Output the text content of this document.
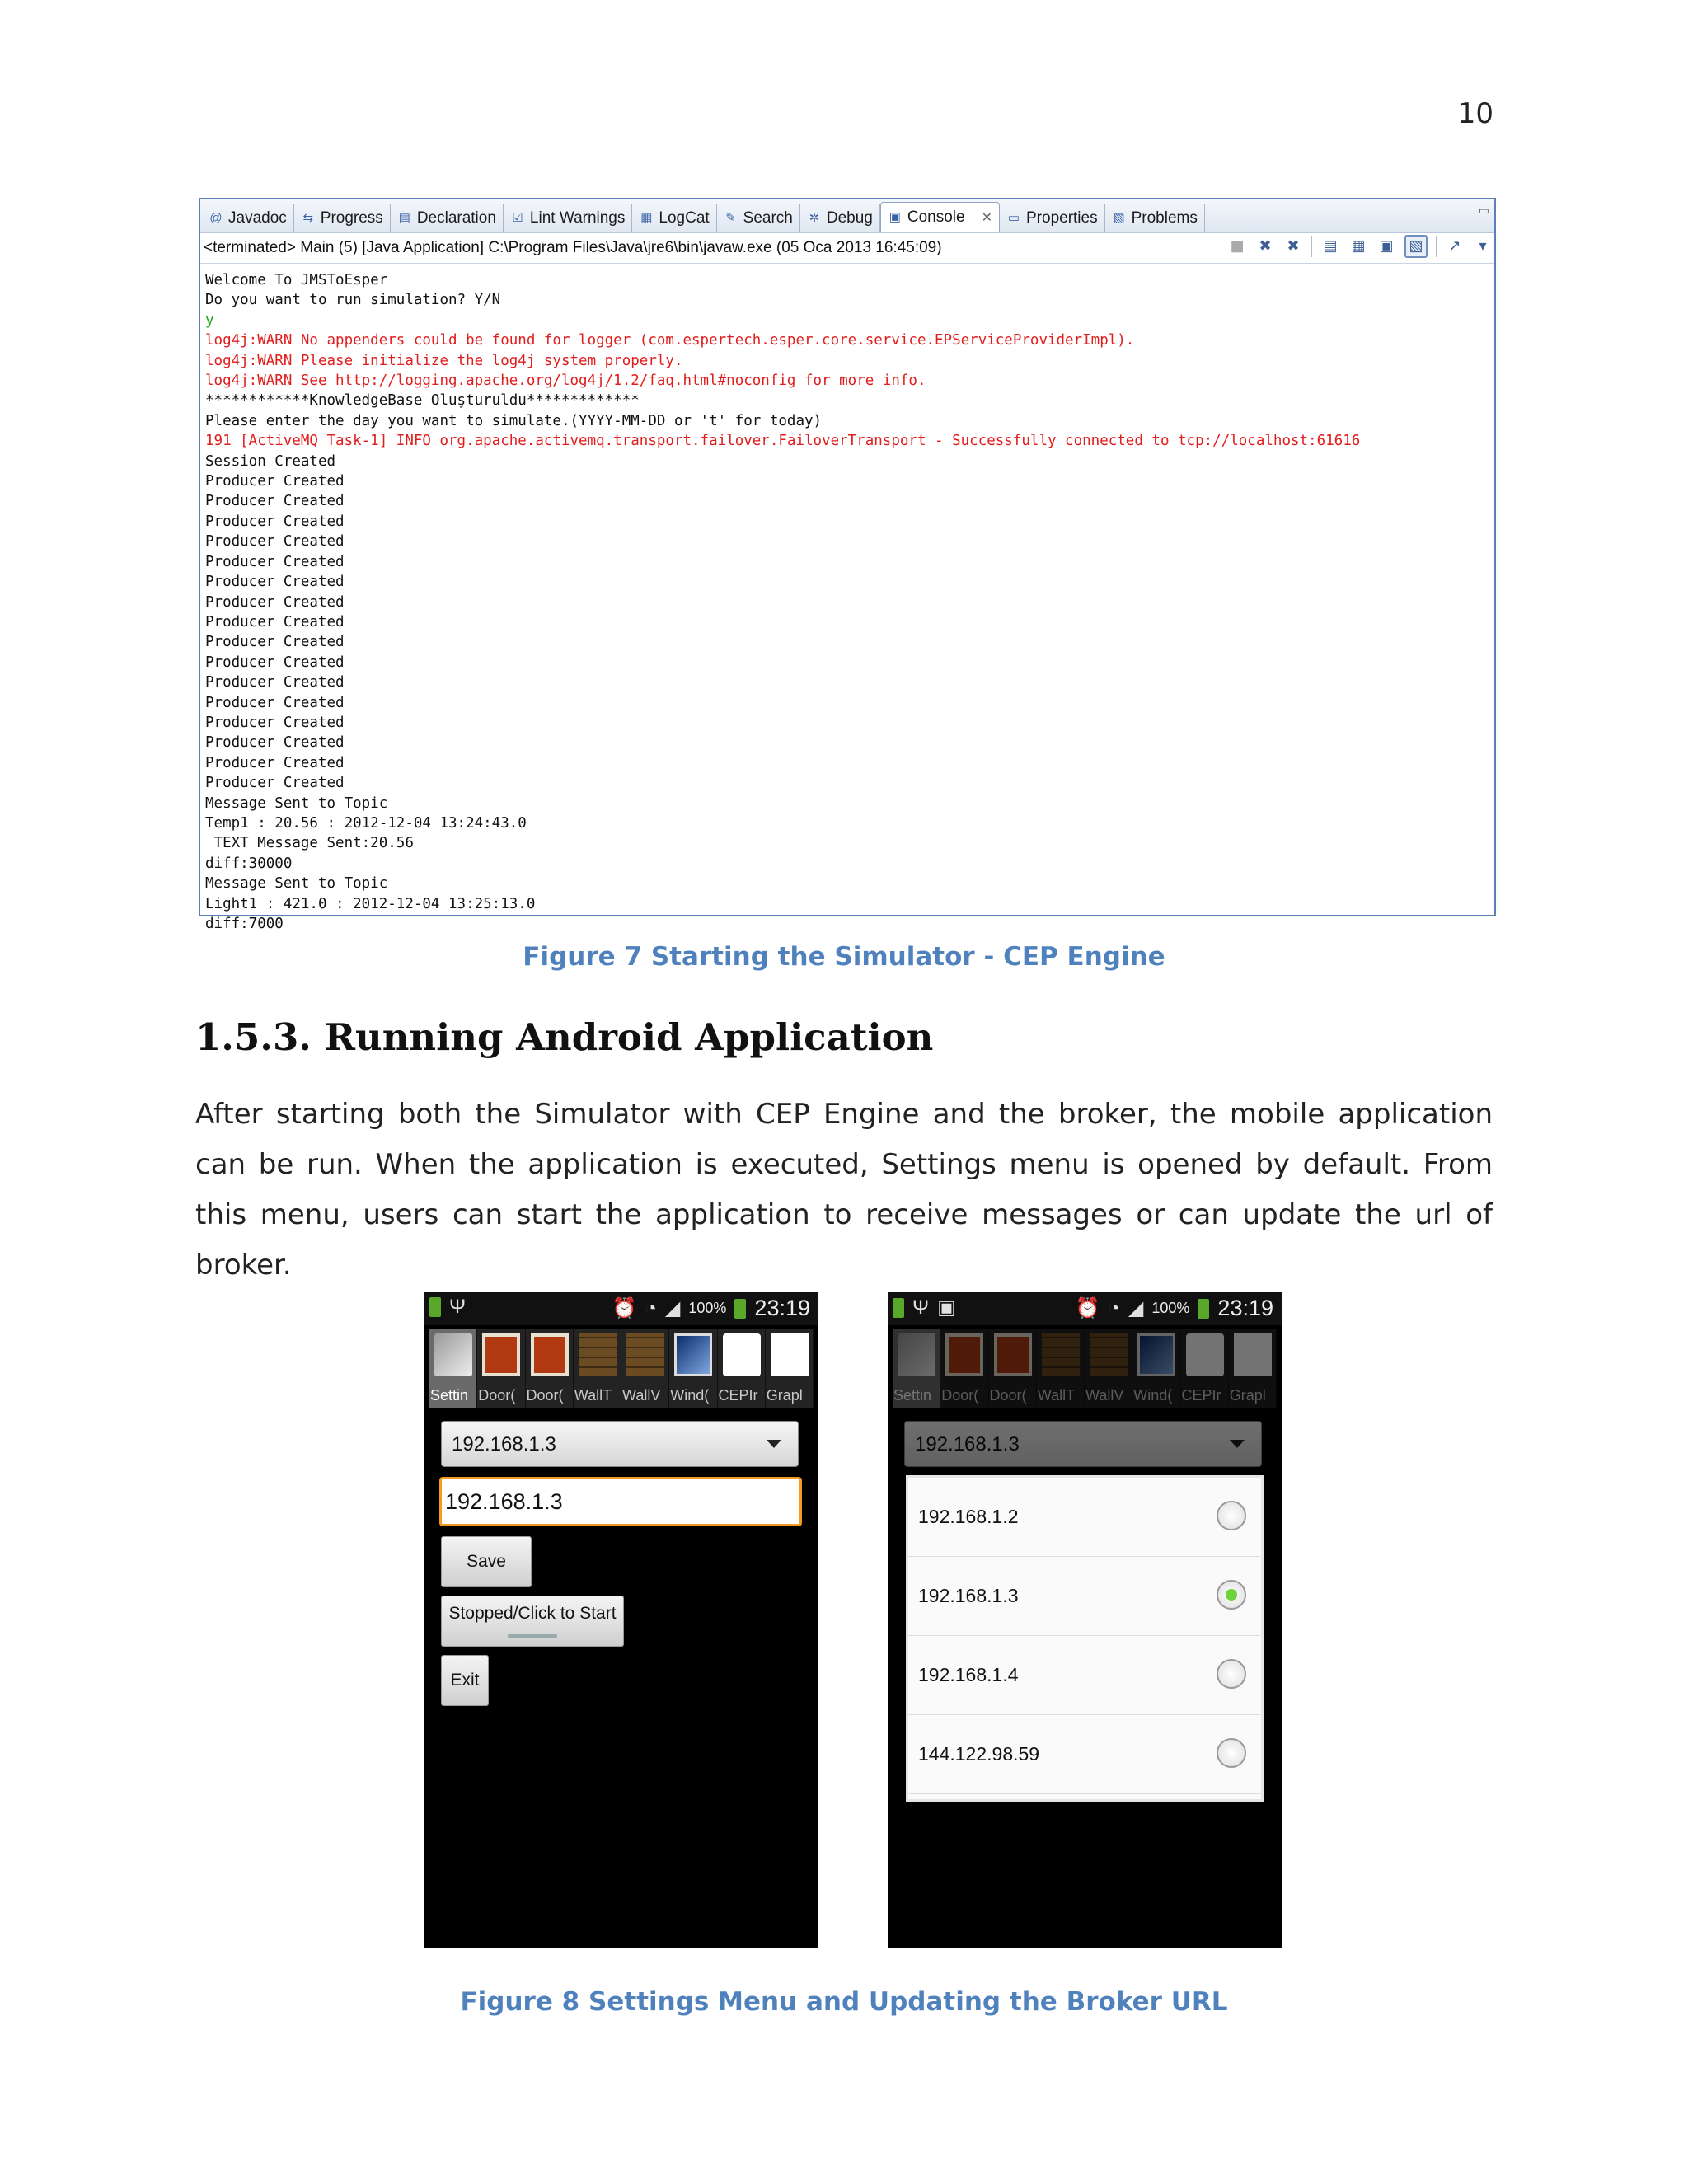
10
@ Javadoc ⇆ Progress ▤ Declaration ☑ Lint Warnings ▦ LogCat ✎ Search ✲ Debug ▣ Console ✕ ▭ Properties ▧ Problems	▭
<terminated> Main (5) [Java Application] C:\Program Files\Java\jre6\bin\javaw.exe (05 Oca 2013 16:45:09)	■ ✖ ✖ ▤ ▦ ▣	▧	↗	▾
Welcome To JMSToEsper
Do you want to run simulation? Y/N
y
log4j:WARN No appenders could be found for logger (com.espertech.esper.core.service.EPServiceProviderImpl).
log4j:WARN Please initialize the log4j system properly.
log4j:WARN See http://logging.apache.org/log4j/1.2/faq.html#noconfig for more info.
************KnowledgeBase Oluşturuldu*************
Please enter the day you want to simulate.(YYYY-MM-DD or 't' for today)
191 [ActiveMQ Task-1] INFO org.apache.activemq.transport.failover.FailoverTransport - Successfully connected to tcp://localhost:61616
Session Created
Producer Created
Producer Created
Producer Created
Producer Created
Producer Created
Producer Created
Producer Created
Producer Created
Producer Created
Producer Created
Producer Created
Producer Created
Producer Created
Producer Created
Producer Created
Producer Created
Message Sent to Topic
Temp1 : 20.56 : 2012-12-04 13:24:43.0
TEXT Message Sent:20.56
diff:30000
Message Sent to Topic
Light1 : 421.0 : 2012-12-04 13:25:13.0
diff:7000
Figure 7 Starting the Simulator - CEP Engine
1.5.3. Running Android Application
After starting both the Simulator with CEP Engine and the broker, the mobile application can be run. When the application is executed, Settings menu is opened by default. From this menu, users can start the application to receive messages or can update the url of broker.
Ψ	⏰ ◔ ◢ 100% 23:19
Settin Door( Door( WallT WallV Wind( CEPIr Grapl
192.168.1.3
192.168.1.3
Save
Stopped/Click to Start
Exit
Ψ ▣	⏰ ◔ ◢ 100% 23:19
192.168.1.2
192.168.1.3
192.168.1.4
144.122.98.59
Figure 8 Settings Menu and Updating the Broker URL
